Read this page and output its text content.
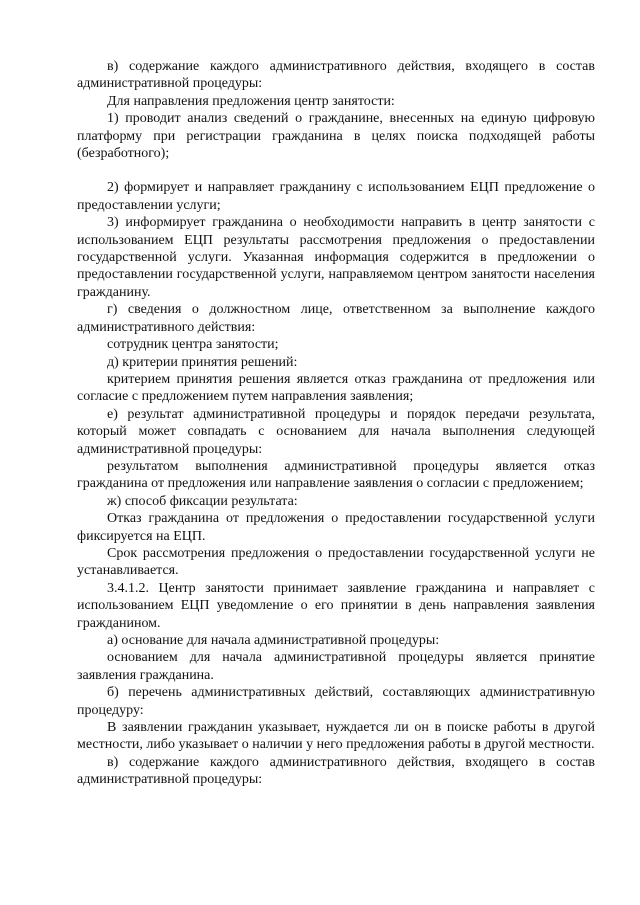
в) содержание каждого административного действия, входящего в состав административной процедуры:

Для направления предложения центр занятости:

1) проводит анализ сведений о гражданине, внесенных на единую цифровую платформу при регистрации гражданина в целях поиска подходящей работы (безработного);

2) формирует и направляет гражданину с использованием ЕЦП предложение о предоставлении услуги;

3) информирует гражданина о необходимости направить в центр занятости с использованием ЕЦП результаты рассмотрения предложения о предоставлении государственной услуги. Указанная информация содержится в предложении о предоставлении государственной услуги, направляемом центром занятости населения гражданину.

г) сведения о должностном лице, ответственном за выполнение каждого административного действия:

сотрудник центра занятости;

д) критерии принятия решений:

критерием принятия решения является отказ гражданина от предложения или согласие с предложением путем направления заявления;

е) результат административной процедуры и порядок передачи результата, который может совпадать с основанием для начала выполнения следующей административной процедуры:

результатом выполнения административной процедуры является отказ гражданина от предложения или направление заявления о согласии с предложением;

ж) способ фиксации результата:

Отказ гражданина от предложения о предоставлении государственной услуги фиксируется на ЕЦП.

Срок рассмотрения предложения о предоставлении государственной услуги не устанавливается.

3.4.1.2. Центр занятости принимает заявление гражданина и направляет с использованием ЕЦП уведомление о его принятии в день направления заявления гражданином.

а) основание для начала административной процедуры:

основанием для начала административной процедуры является принятие заявления гражданина.

б) перечень административных действий, составляющих административную процедуру:

В заявлении гражданин указывает, нуждается ли он в поиске работы в другой местности, либо указывает о наличии у него предложения работы в другой местности.

в) содержание каждого административного действия, входящего в состав административной процедуры:
